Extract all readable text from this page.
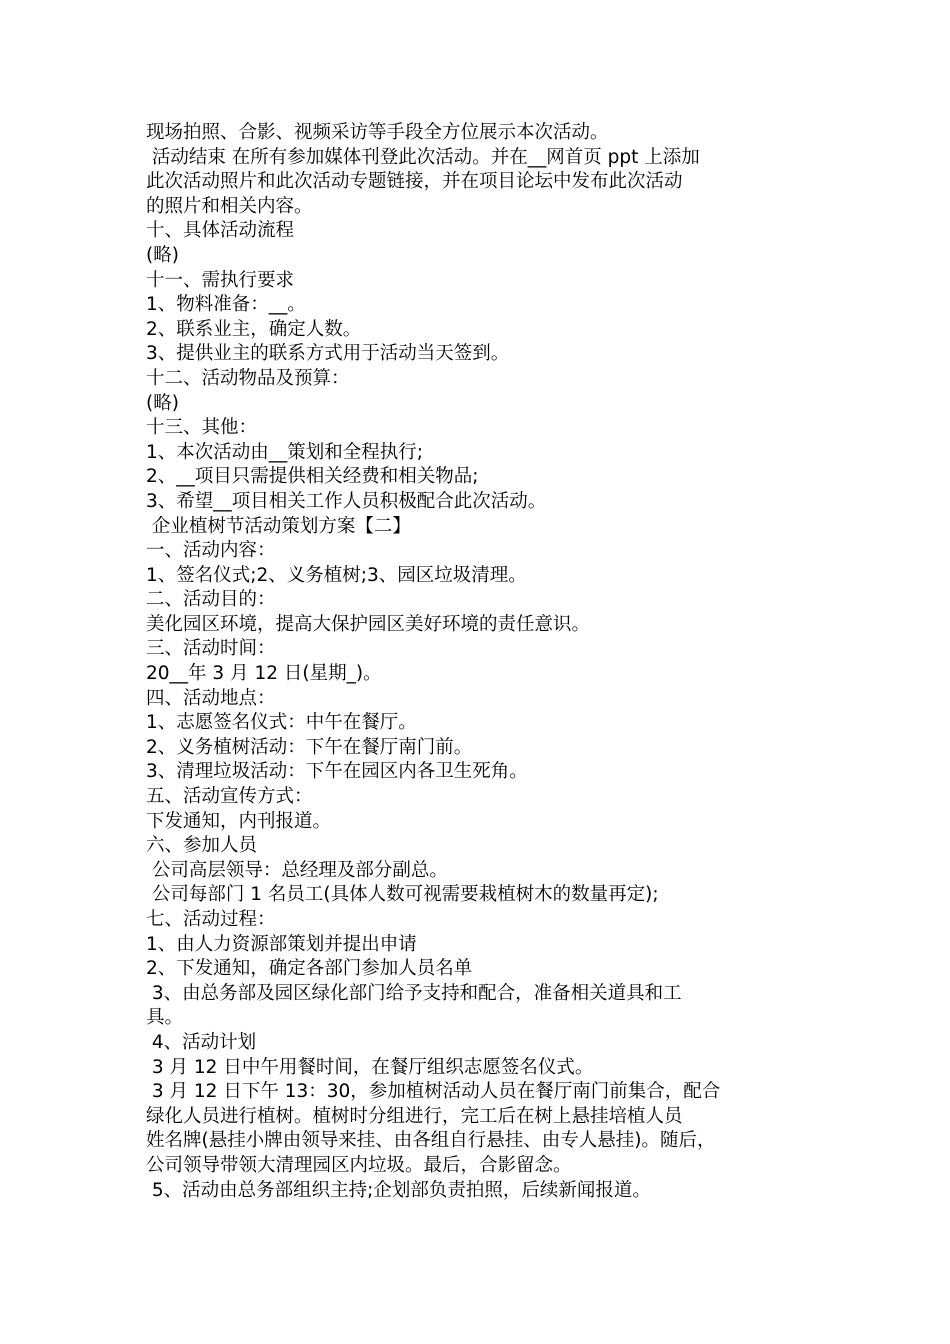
现场拍照、合影、视频采访等手段全方位展示本次活动。
活动结束 在所有参加媒体刊登此次活动。并在__网首页 ppt 上添加
此次活动照片和此次活动专题链接，并在项目论坛中发布此次活动
的照片和相关内容。
十、具体活动流程
(略)
十一、需执行要求
1、物料准备：__。
2、联系业主，确定人数。
3、提供业主的联系方式用于活动当天签到。
十二、活动物品及预算：
(略)
十三、其他：
1、本次活动由__策划和全程执行;
2、__项目只需提供相关经费和相关物品;
3、希望__项目相关工作人员积极配合此次活动。
企业植树节活动策划方案【二】
一、活动内容：
1、签名仪式;2、义务植树;3、园区垃圾清理。
二、活动目的：
美化园区环境，提高大保护园区美好环境的责任意识。
三、活动时间：
20__年 3 月 12 日(星期_)。
四、活动地点：
1、志愿签名仪式：中午在餐厅。
2、义务植树活动：下午在餐厅南门前。
3、清理垃圾活动：下午在园区内各卫生死角。
五、活动宣传方式：
下发通知，内刊报道。
六、参加人员
公司高层领导：总经理及部分副总。
公司每部门 1 名员工(具体人数可视需要栽植树木的数量再定);
七、活动过程：
1、由人力资源部策划并提出申请
2、下发通知，确定各部门参加人员名单
3、由总务部及园区绿化部门给予支持和配合，准备相关道具和工
具。
4、活动计划
3 月 12 日中午用餐时间，在餐厅组织志愿签名仪式。
3 月 12 日下午 13：30，参加植树活动人员在餐厅南门前集合，配合
绿化人员进行植树。植树时分组进行，完工后在树上悬挂培植人员
姓名牌(悬挂小牌由领导来挂、由各组自行悬挂、由专人悬挂)。随后，
公司领导带领大清理园区内垃圾。最后，合影留念。
5、活动由总务部组织主持;企划部负责拍照，后续新闻报道。
